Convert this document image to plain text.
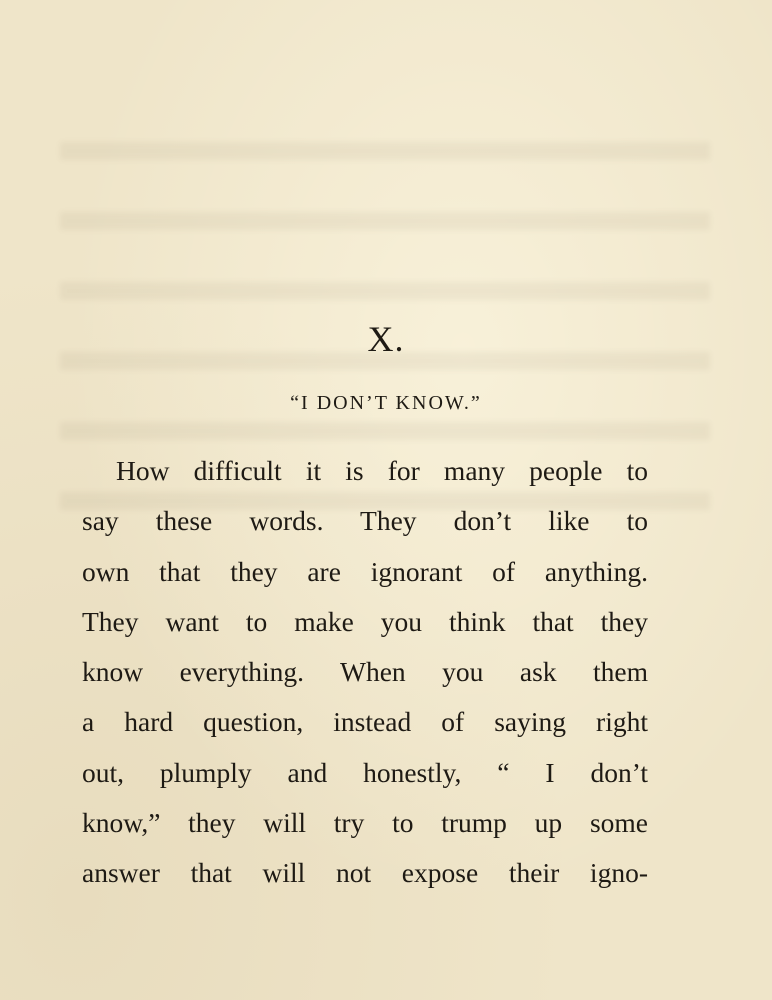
X.
“I DON’T KNOW.”
How difficult it is for many people to
say these words. They don’t like to
own that they are ignorant of anything.
They want to make you think that they
know everything. When you ask them
a hard question, instead of saying right
out, plumply and honestly, “ I don’t
know,” they will try to trump up some
answer that will not expose their igno-
